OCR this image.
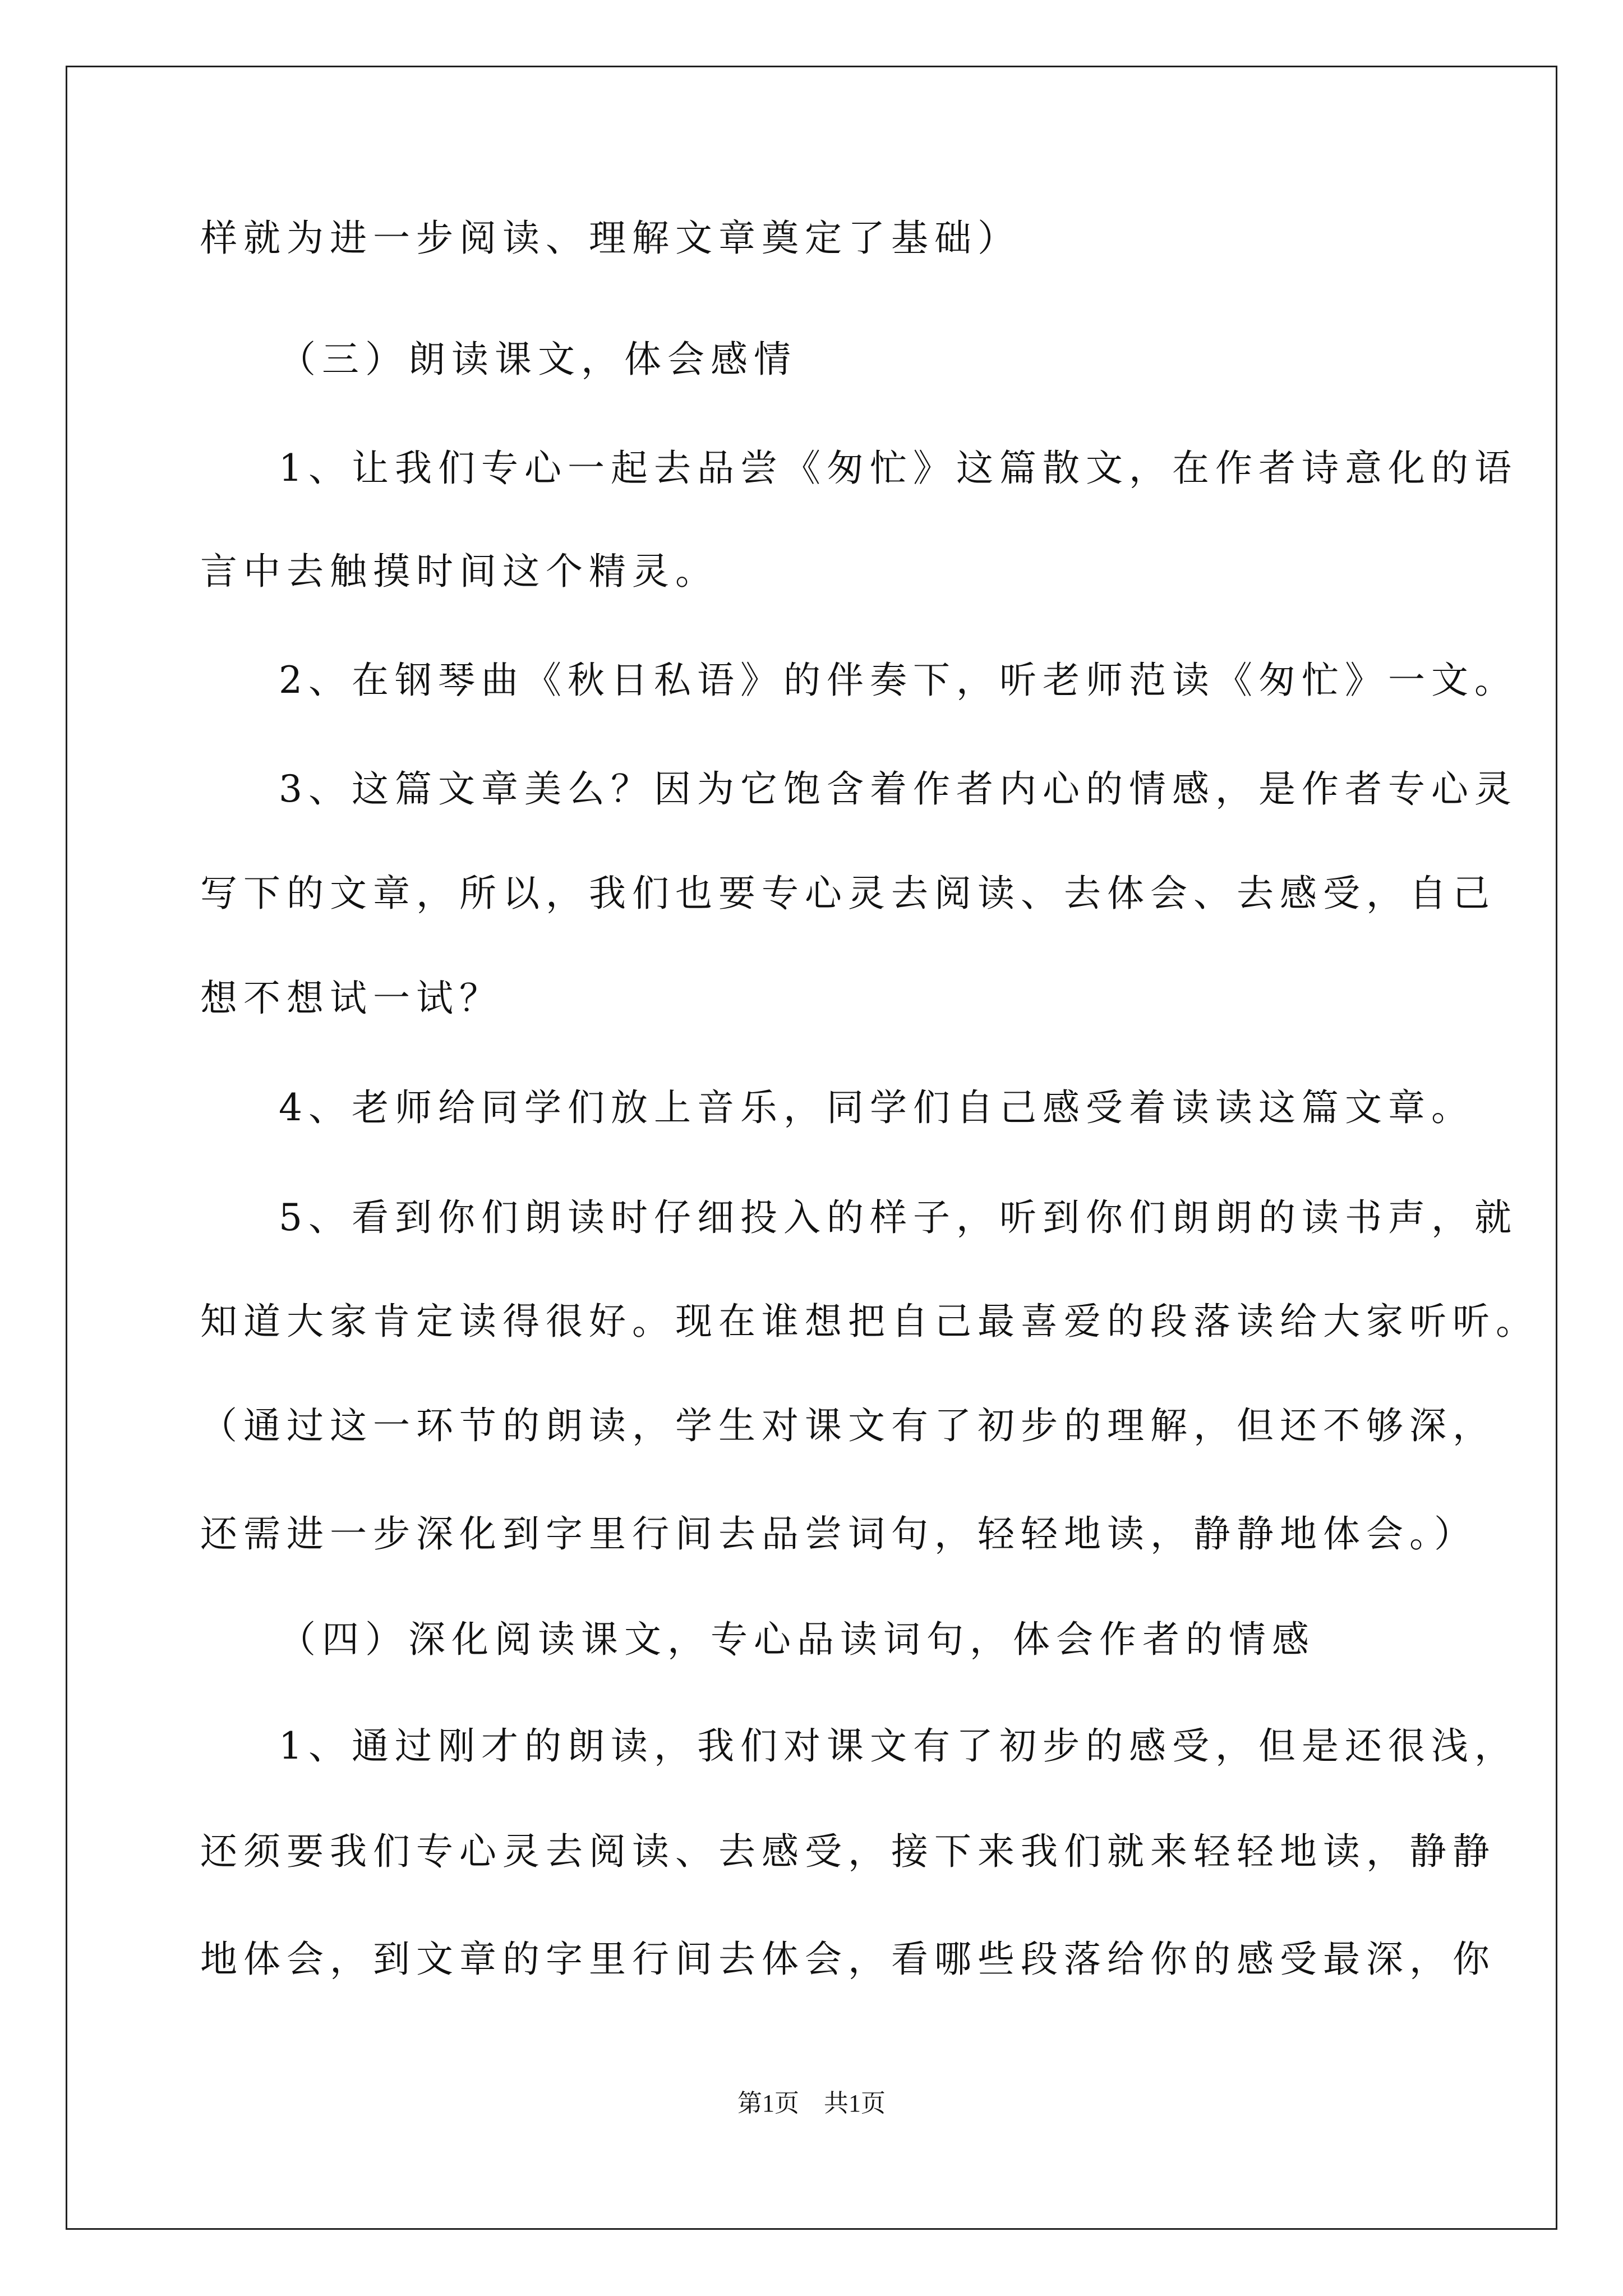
样就为进一步阅读、理解文章奠定了基础）
（三）朗读课文，体会感情
1、让我们专心一起去品尝《匆忙》这篇散文，在作者诗意化的语
言中去触摸时间这个精灵。
2、在钢琴曲《秋日私语》的伴奏下，听老师范读《匆忙》一文。
3、这篇文章美么？因为它饱含着作者内心的情感，是作者专心灵
写下的文章，所以，我们也要专心灵去阅读、去体会、去感受，自己
想不想试一试？
4、老师给同学们放上音乐，同学们自己感受着读读这篇文章。
5、看到你们朗读时仔细投入的样子，听到你们朗朗的读书声，就
知道大家肯定读得很好。现在谁想把自己最喜爱的段落读给大家听听。
（通过这一环节的朗读，学生对课文有了初步的理解，但还不够深，
还需进一步深化到字里行间去品尝词句，轻轻地读，静静地体会。）
（四）深化阅读课文，专心品读词句，体会作者的情感
1、通过刚才的朗读，我们对课文有了初步的感受，但是还很浅，
还须要我们专心灵去阅读、去感受，接下来我们就来轻轻地读，静静
地体会，到文章的字里行间去体会，看哪些段落给你的感受最深，你
第1页　共1页
